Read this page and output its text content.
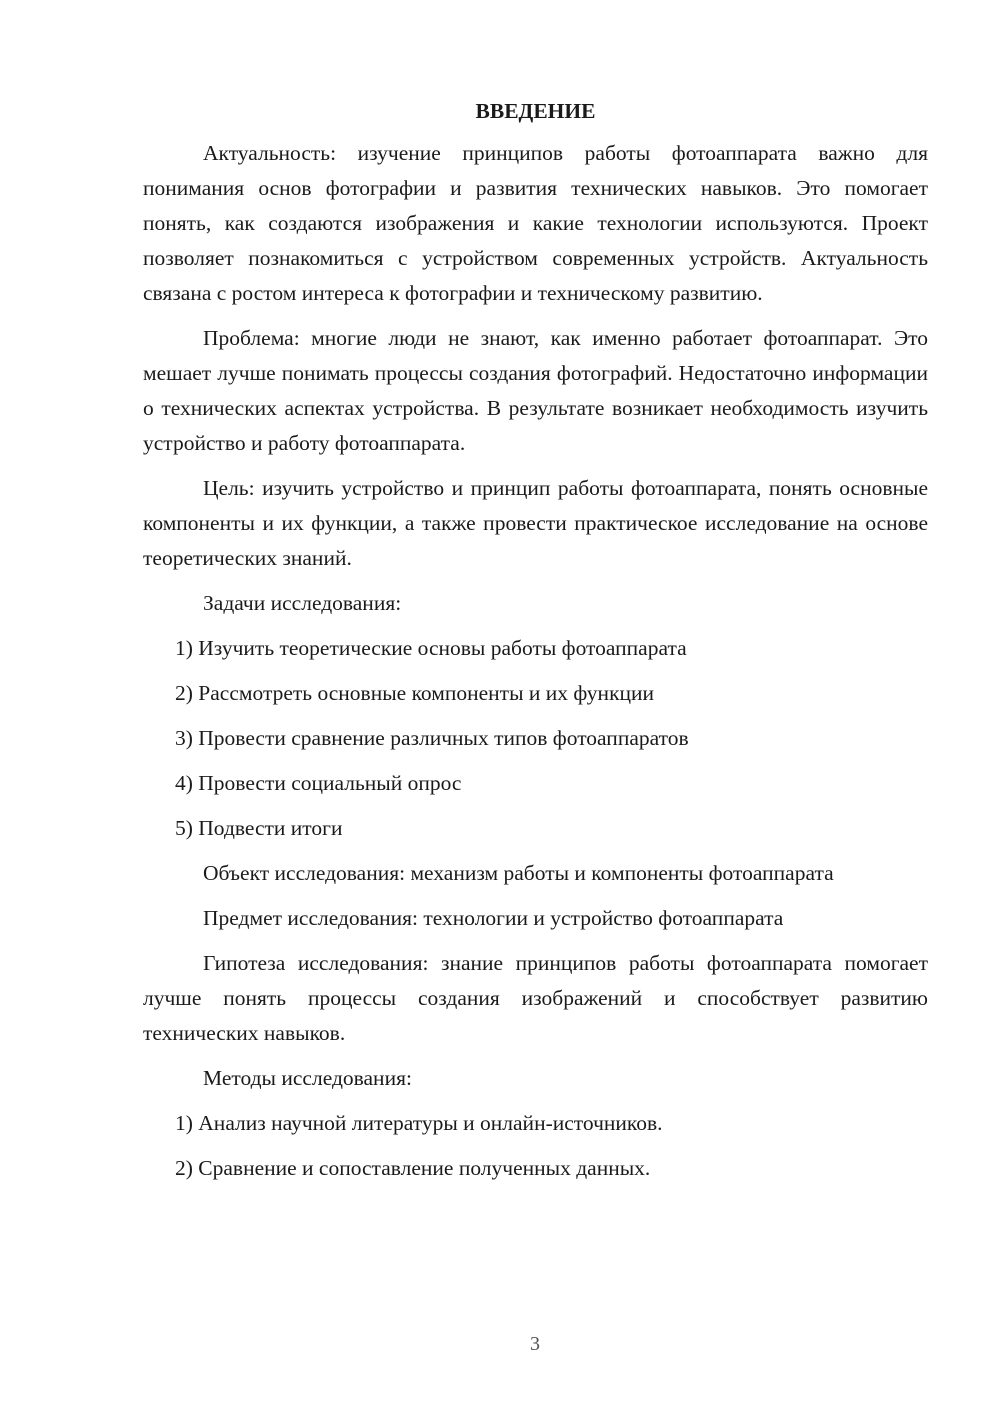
ВВЕДЕНИЕ

Актуальность: изучение принципов работы фотоаппарата важно для понимания основ фотографии и развития технических навыков. Это помогает понять, как создаются изображения и какие технологии используются. Проект позволяет познакомиться с устройством современных устройств. Актуальность связана с ростом интереса к фотографии и техническому развитию.

Проблема: многие люди не знают, как именно работает фотоаппарат. Это мешает лучше понимать процессы создания фотографий. Недостаточно информации о технических аспектах устройства. В результате возникает необходимость изучить устройство и работу фотоаппарата.

Цель: изучить устройство и принцип работы фотоаппарата, понять основные компоненты и их функции, а также провести практическое исследование на основе теоретических знаний.

Задачи исследования:

1) Изучить теоретические основы работы фотоаппарата
2) Рассмотреть основные компоненты и их функции
3) Провести сравнение различных типов фотоаппаратов
4) Провести социальный опрос
5) Подвести итоги

Объект исследования: механизм работы и компоненты фотоаппарата

Предмет исследования: технологии и устройство фотоаппарата

Гипотеза исследования: знание принципов работы фотоаппарата помогает лучше понять процессы создания изображений и способствует развитию технических навыков.

Методы исследования:

1) Анализ научной литературы и онлайн-источников.
2) Сравнение и сопоставление полученных данных.
3
